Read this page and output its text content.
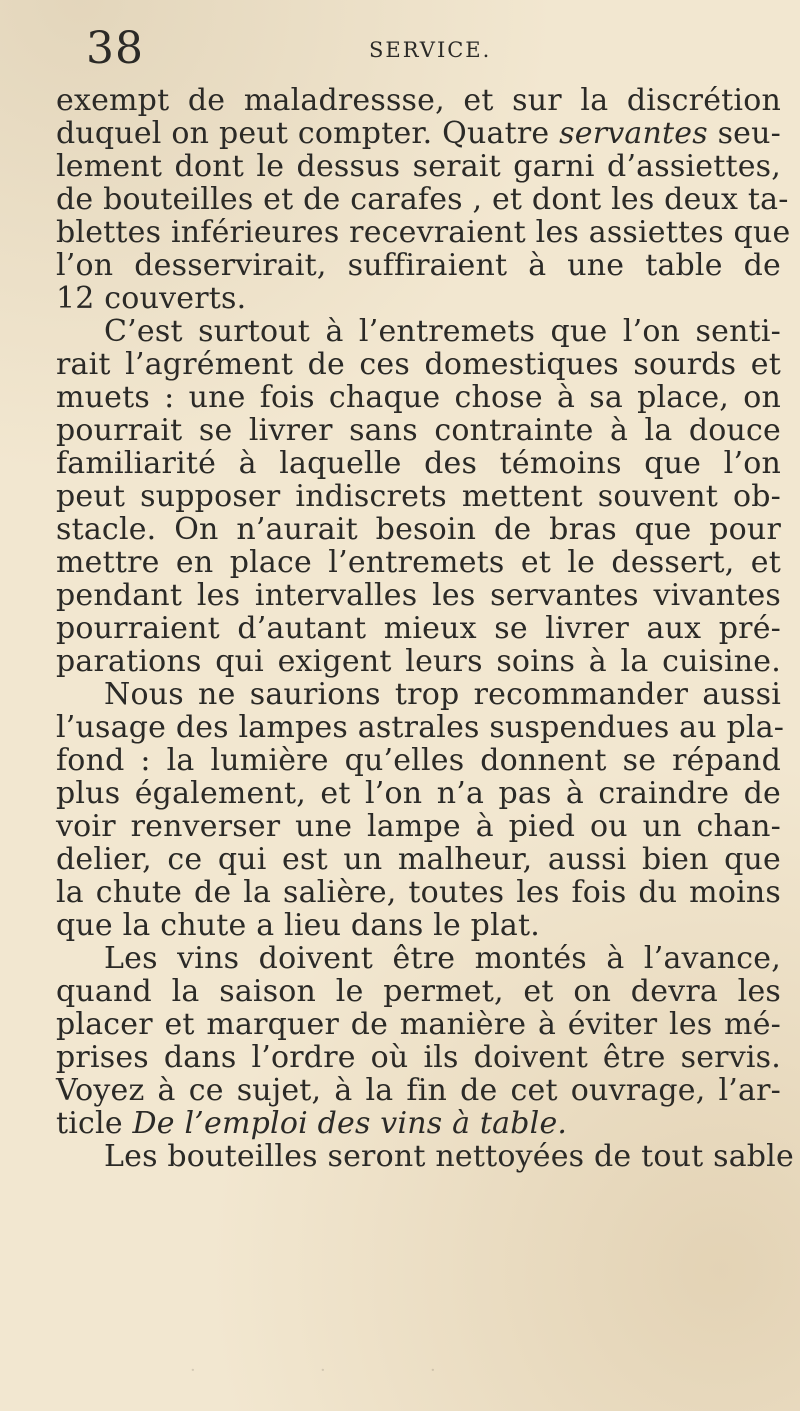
38	SERVICE.
exempt de maladressse, et sur la discrétion
duquel on peut compter. Quatre servantes seu-
lement dont le dessus serait garni d’assiettes,
de bouteilles et de carafes , et dont les deux ta-
blettes inférieures recevraient les assiettes que
l’on desservirait, suffiraient à une table de
12 couverts.
C’est surtout à l’entremets que l’on senti-
rait l’agrément de ces domestiques sourds et
muets : une fois chaque chose à sa place, on
pourrait se livrer sans contrainte à la douce
familiarité à laquelle des témoins que l’on
peut supposer indiscrets mettent souvent ob-
stacle. On n’aurait besoin de bras que pour
mettre en place l’entremets et le dessert, et
pendant les intervalles les servantes vivantes
pourraient d’autant mieux se livrer aux pré-
parations qui exigent leurs soins à la cuisine.
Nous ne saurions trop recommander aussi
l’usage des lampes astrales suspendues au pla-
fond : la lumière qu’elles donnent se répand
plus également, et l’on n’a pas à craindre de
voir renverser une lampe à pied ou un chan-
delier, ce qui est un malheur, aussi bien que
la chute de la salière, toutes les fois du moins
que la chute a lieu dans le plat.
Les vins doivent être montés à l’avance,
quand la saison le permet, et on devra les
placer et marquer de manière à éviter les mé-
prises dans l’ordre où ils doivent être servis.
Voyez à ce sujet, à la fin de cet ouvrage, l’ar-
ticle De l’emploi des vins à table.
Les bouteilles seront nettoyées de tout sable
·	·	·
